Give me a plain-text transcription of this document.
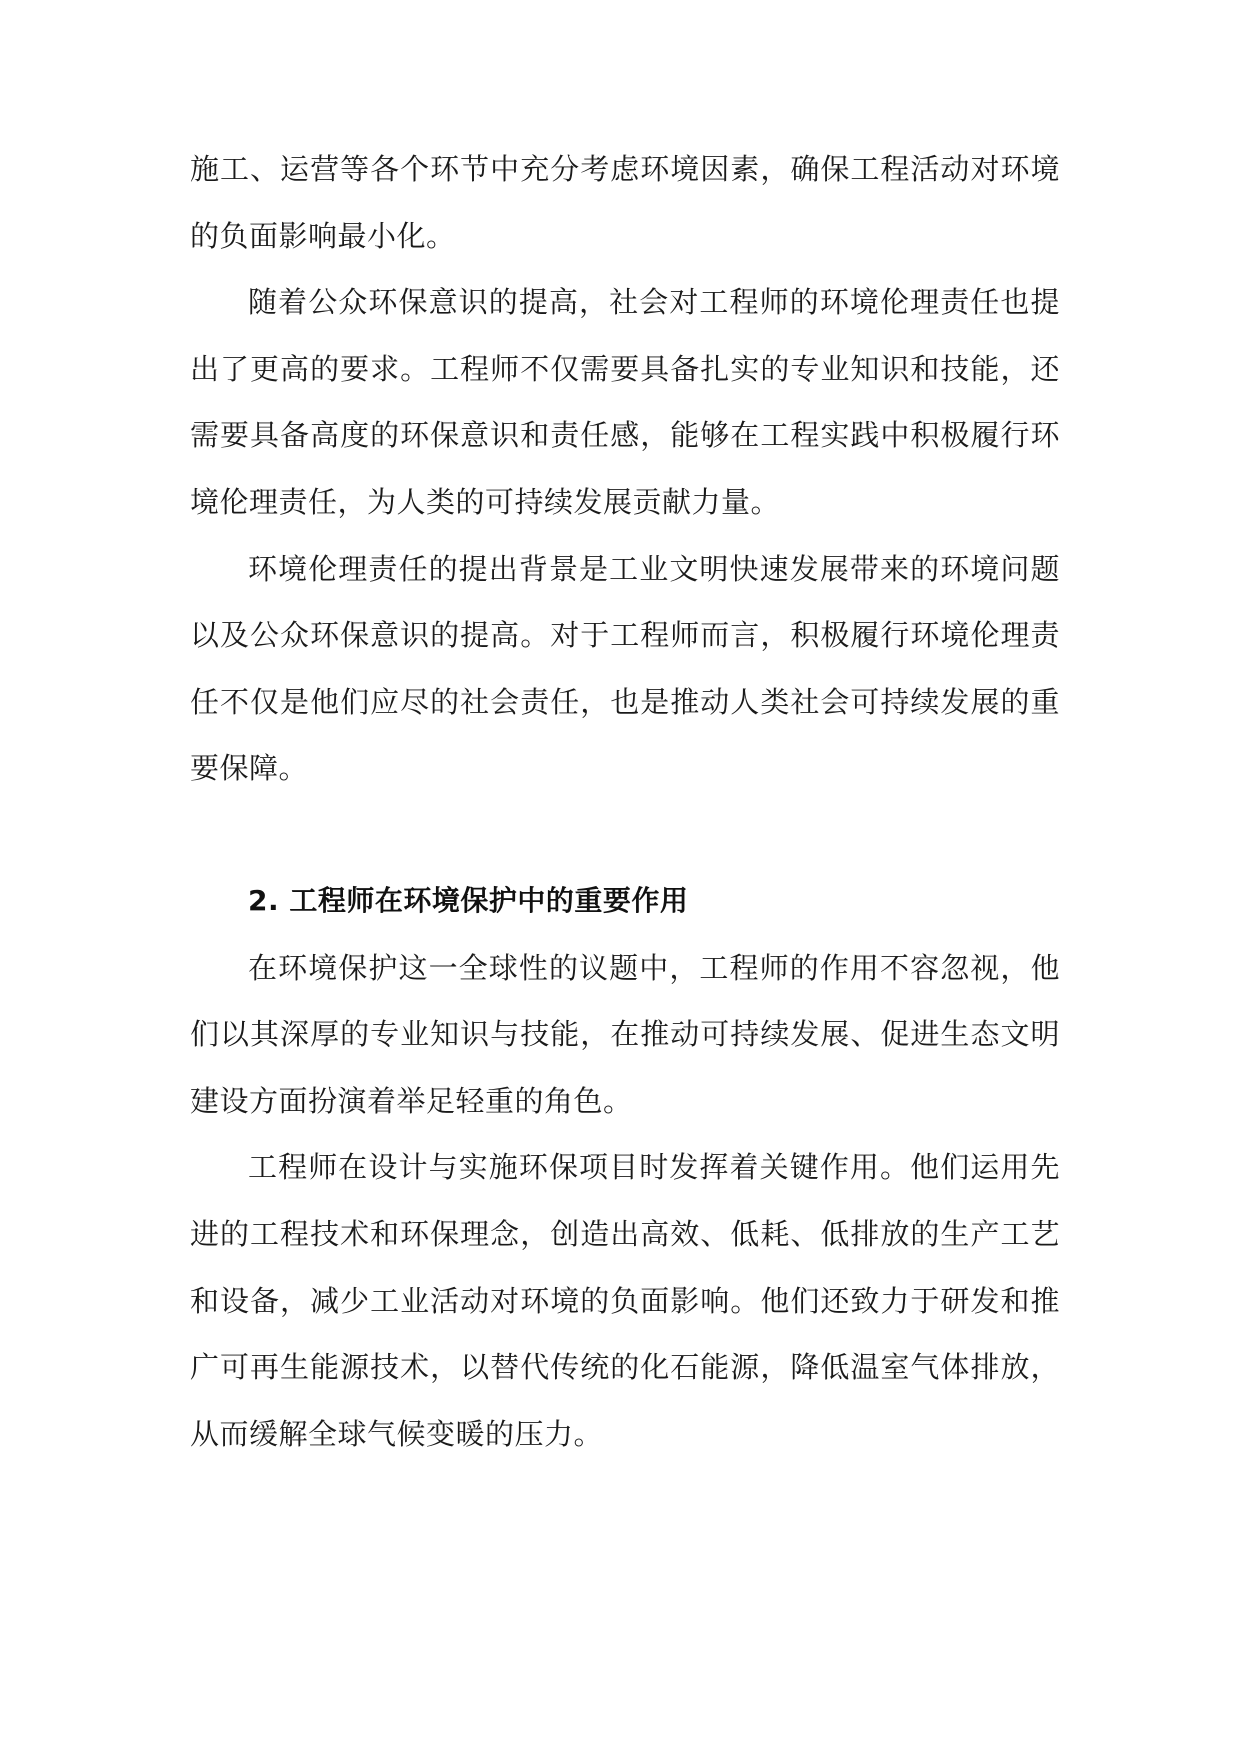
施工、运营等各个环节中充分考虑环境因素，确保工程活动对环境的负面影响最小化。

随着公众环保意识的提高，社会对工程师的环境伦理责任也提出了更高的要求。工程师不仅需要具备扎实的专业知识和技能，还需要具备高度的环保意识和责任感，能够在工程实践中积极履行环境伦理责任，为人类的可持续发展贡献力量。

环境伦理责任的提出背景是工业文明快速发展带来的环境问题以及公众环保意识的提高。对于工程师而言，积极履行环境伦理责任不仅是他们应尽的社会责任，也是推动人类社会可持续发展的重要保障。

2. 工程师在环境保护中的重要作用

在环境保护这一全球性的议题中，工程师的作用不容忽视，他们以其深厚的专业知识与技能，在推动可持续发展、促进生态文明建设方面扮演着举足轻重的角色。

工程师在设计与实施环保项目时发挥着关键作用。他们运用先进的工程技术和环保理念，创造出高效、低耗、低排放的生产工艺和设备，减少工业活动对环境的负面影响。他们还致力于研发和推广可再生能源技术，以替代传统的化石能源，降低温室气体排放，从而缓解全球气候变暖的压力。
